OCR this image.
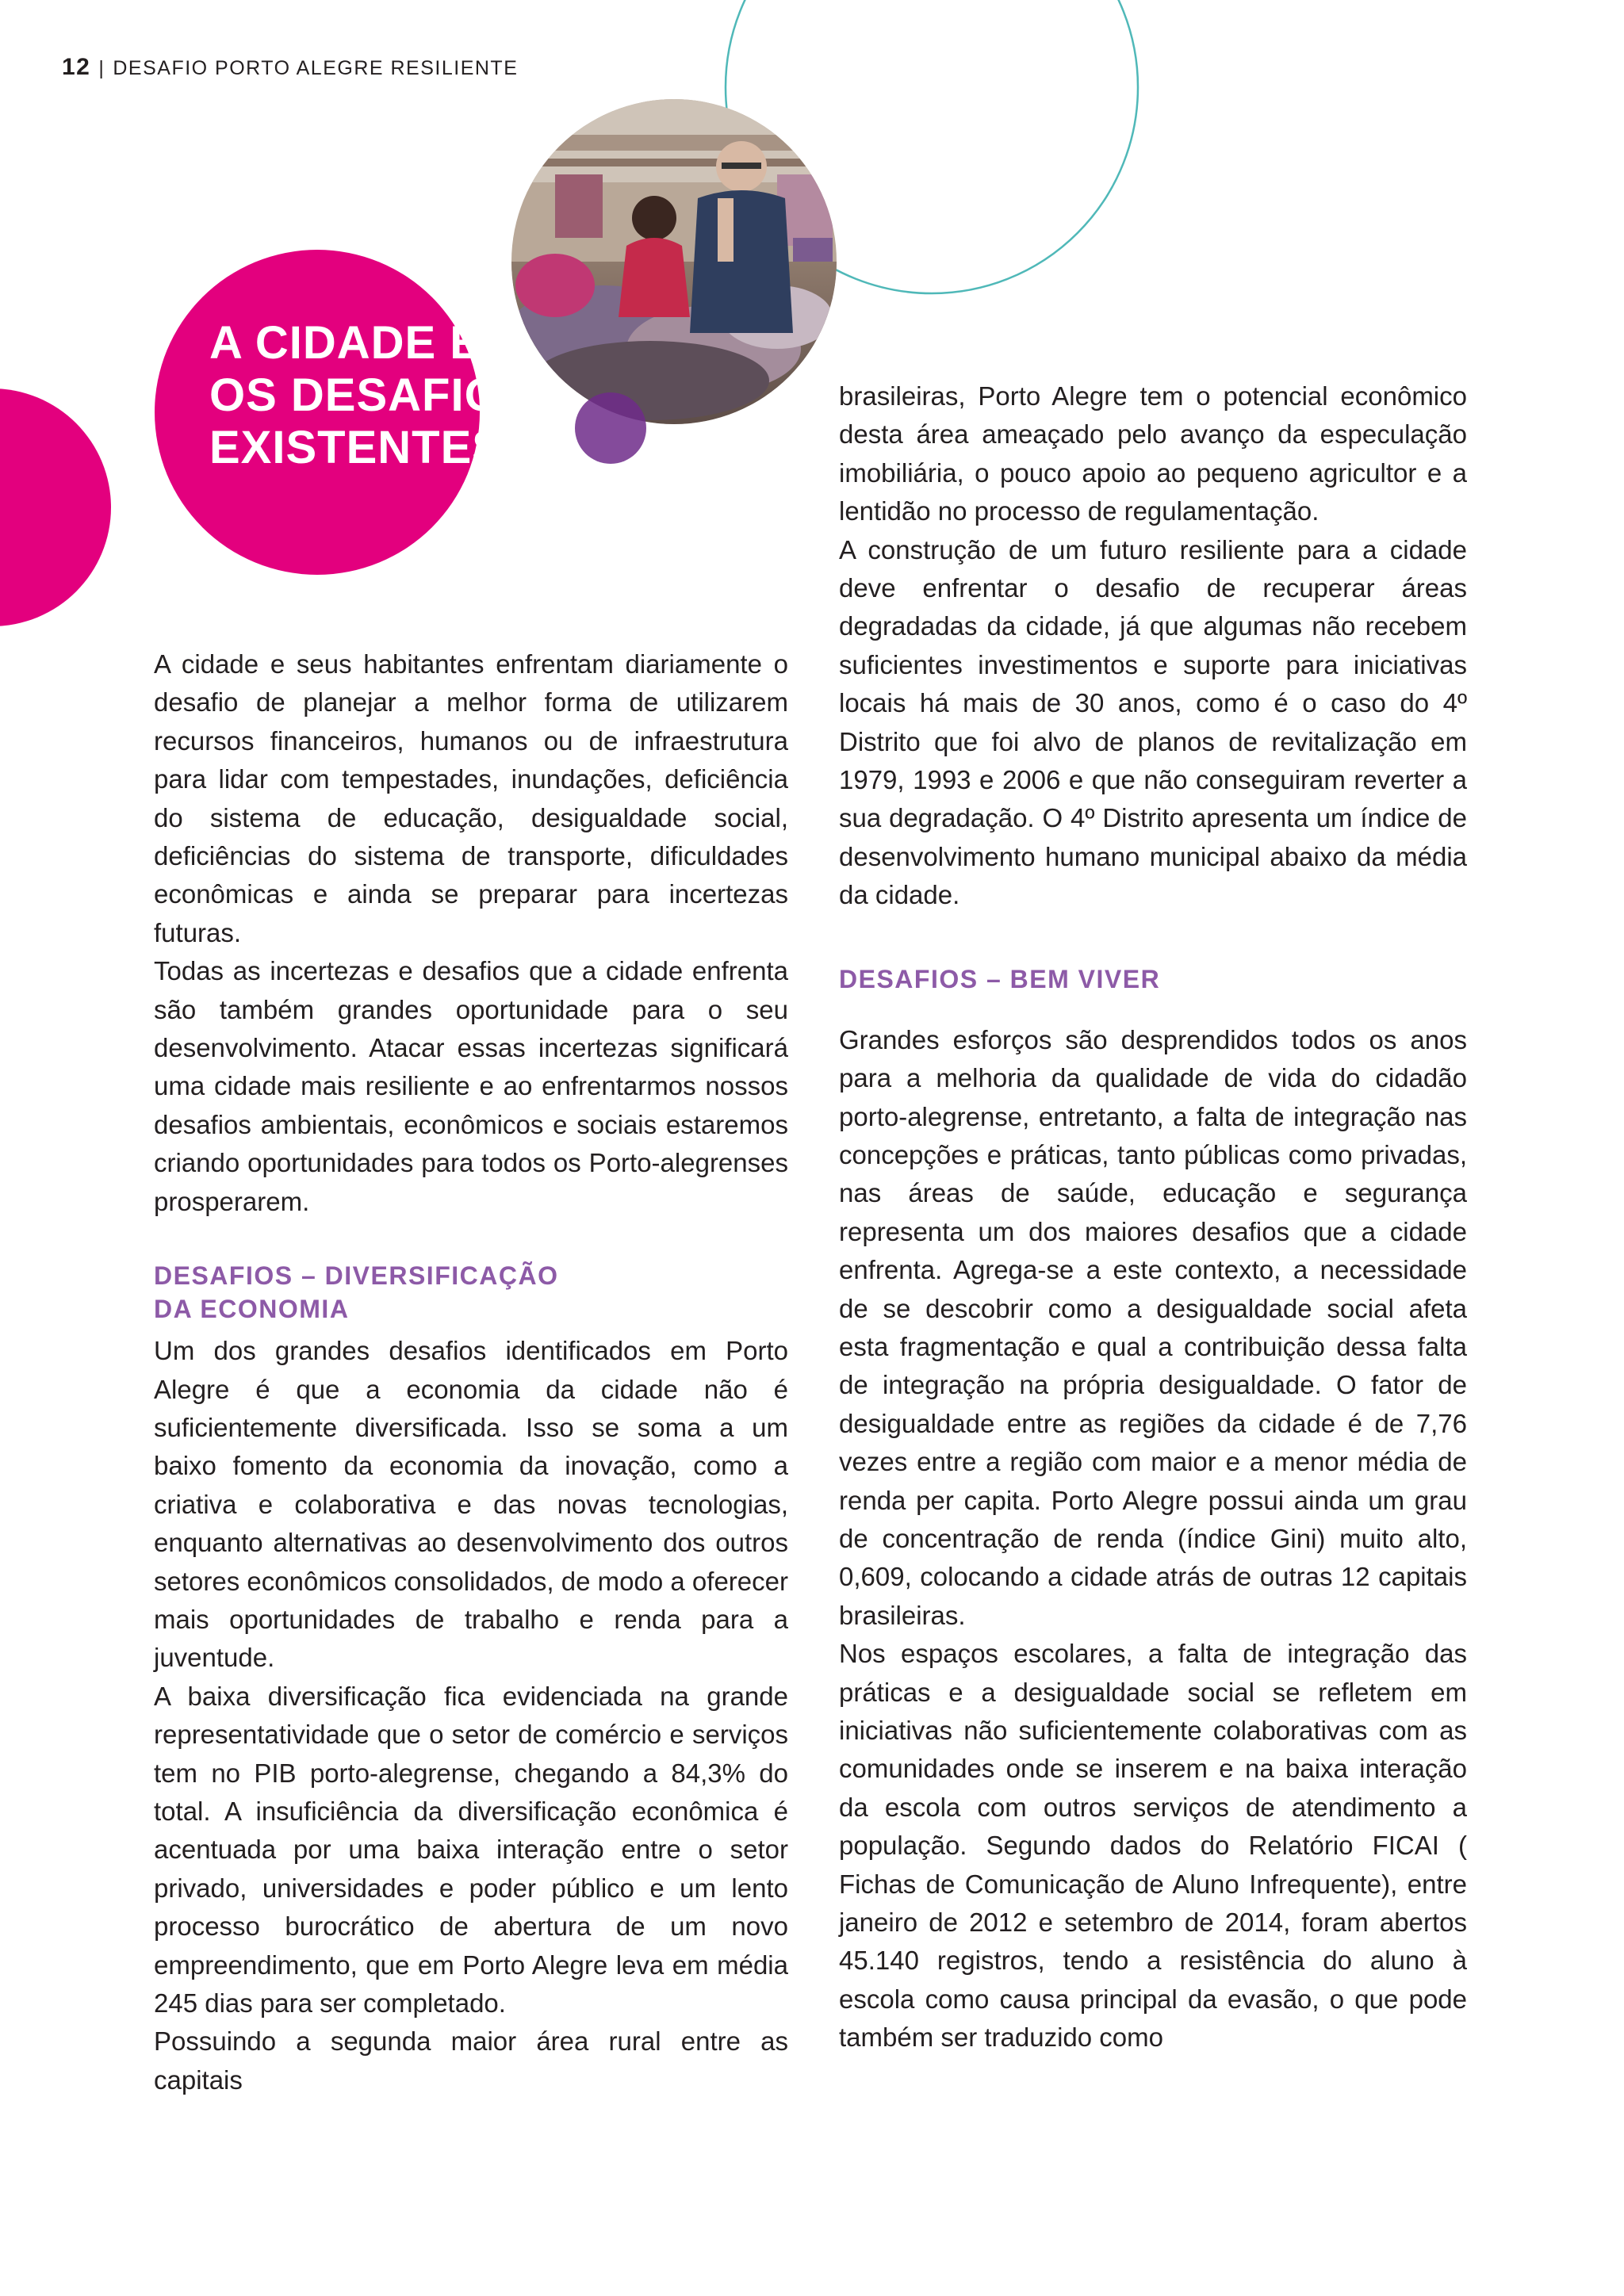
12 | DESAFIO PORTO ALEGRE RESILIENTE
A CIDADE E
OS DESAFIOS
EXISTENTES

A cidade e seus habitantes enfrentam diariamente o desafio de planejar a melhor forma de utilizarem recursos financeiros, humanos ou de infraestrutura para lidar com tempestades, inundações, deficiência do sistema de educação, desigualdade social, deficiências do sistema de transporte, dificuldades econômicas e ainda se preparar para incertezas futuras.

Todas as incertezas e desafios que a cidade enfrenta são também grandes oportunidade para o seu desenvolvimento. Atacar essas incertezas significará uma cidade mais resiliente e ao enfrentarmos nossos desafios ambientais, econômicos e sociais estaremos criando oportunidades para todos os Porto-alegrenses prosperarem.

DESAFIOS – DIVERSIFICAÇÃO
DA ECONOMIA

Um dos grandes desafios identificados em Porto Alegre é que a economia da cidade não é suficientemente diversificada. Isso se soma a um baixo fomento da economia da inovação, como a criativa e colaborativa e das novas tecnologias, enquanto alternativas ao desenvolvimento dos outros setores econômicos consolidados, de modo a oferecer mais oportunidades de trabalho e renda para a juventude.

A baixa diversificação fica evidenciada na grande representatividade que o setor de comércio e serviços tem no PIB porto-alegrense, chegando a 84,3% do total. A insuficiência da diversificação econômica é acentuada por uma baixa interação entre o setor privado, universidades e poder público e um lento processo burocrático de abertura de um novo empreendimento, que em Porto Alegre leva em média 245 dias para ser completado.

Possuindo a segunda maior área rural entre as capitais

brasileiras, Porto Alegre tem o potencial econômico desta área ameaçado pelo avanço da especulação imobiliária, o pouco apoio ao pequeno agricultor e a lentidão no processo de regulamentação.

A construção de um futuro resiliente para a cidade deve enfrentar o desafio de recuperar áreas degradadas da cidade, já que algumas não recebem suficientes investimentos e suporte para iniciativas locais há mais de 30 anos, como é o caso do 4º Distrito que foi alvo de planos de revitalização em 1979, 1993 e 2006 e que não conseguiram reverter a sua degradação. O 4º Distrito apresenta um índice de desenvolvimento humano municipal abaixo da média da cidade.

DESAFIOS – BEM VIVER

Grandes esforços são desprendidos todos os anos para a melhoria da qualidade de vida do cidadão porto-alegrense, entretanto, a falta de integração nas concepções e práticas, tanto públicas como privadas, nas áreas de saúde, educação e segurança representa um dos maiores desafios que a cidade enfrenta. Agrega-se a este contexto, a necessidade de se descobrir como a desigualdade social afeta esta fragmentação e qual a contribuição dessa falta de integração na própria desigualdade. O fator de desigualdade entre as regiões da cidade é de 7,76 vezes entre a região com maior e a menor média de renda per capita. Porto Alegre possui ainda um grau de concentração de renda (índice Gini) muito alto, 0,609, colocando a cidade atrás de outras 12 capitais brasileiras.

Nos espaços escolares, a falta de integração das práticas e a desigualdade social se refletem em iniciativas não suficientemente colaborativas com as comunidades onde se inserem e na baixa interação da escola com outros serviços de atendimento a população. Segundo dados do Relatório FICAI ( Fichas de Comunicação de Aluno Infrequente), entre janeiro de 2012 e setembro de 2014, foram abertos 45.140 registros, tendo a resistência do aluno à escola como causa principal da evasão, o que pode também ser traduzido como
